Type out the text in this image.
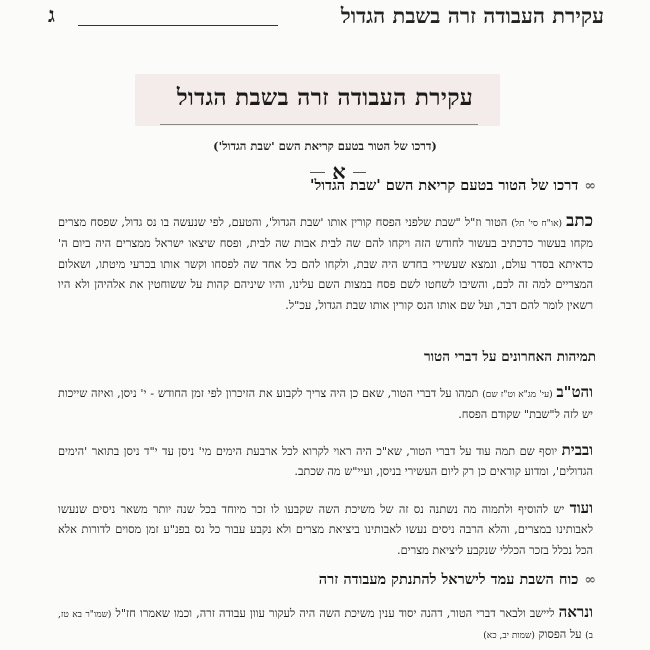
עקירת העבודה זרה בשבת הגדול
ג
עקירת העבודה זרה בשבת הגדול
(דרכו של הטור בטעם קריאת השם 'שבת הגדול')
א
∞
דרכו של הטור בטעם קריאת השם 'שבת הגדול'
כתב (או"ח סי' תל) הטור וז"ל "שבת שלפני הפסח קורין אותו 'שבת הגדול', והטעם, לפי שנעשה בו נס גדול, שפסח מצרים מקחו בעשור כדכתיב בעשור לחודש הזה ויקחו להם שה לבית אבות שה לבית, ופסח שיצאו ישראל ממצרים היה ביום ה' כדאיתא בסדר עולם, ונמצא שעשירי בחדש היה שבת, ולקחו להם כל אחד שה לפסחו וקשר אותו בכרעי מיטתו, ושאלום המצריים למה זה לכם, והשיבו לשחטו לשם פסח במצות השם עלינו, והיו שיניהם קהות על ששוחטין את אלהיהן ולא היו רשאין לומר להם דבר, ועל שם אותו הנס קורין אותו שבת הגדול, עכ"ל.
תמיהות האחרונים על דברי הטור
והט"ב (עי' מג"א וט"ז שם) תמהו על דברי הטור, שאם כן היה צריך לקבוע את הזיכרון לפי זמן החודש - י' ניסן, ואיזה שייכות יש לזה ל"שבת" שקודם הפסח.
ובבית יוסף שם תמה עוד על דברי הטור, שא"כ היה ראוי לקרוא לכל ארבעת הימים מי' ניסן עד י"ד ניסן בתואר 'הימים הגדולים', ומדוע קוראים כן רק ליום העשירי בניסן, ועיי"ש מה שכתב.
ועוד יש להוסיף ולתמוה מה נשתנה נס זה של משיכת השה שקבעו לו זכר מיוחד בכל שנה יותר משאר ניסים שנעשו לאבותינו במצרים, והלא הרבה ניסים נעשו לאבותינו ביציאת מצרים ולא נקבע עבור כל נס בפנ"ע זמן מסוים לדורות אלא הכל נכלל בזכר הכללי שנקבע ליציאת מצרים.
∞
כוח השבת עמד לישראל להתנתק מעבודה זרה
ונראה ליישב ולבאר דברי הטור, דהנה יסוד ענין משיכת השה היה לעקור עוון עבודה זרה, וכמו שאמרו חז"ל (שמו"ר בא טז, ב) על הפסוק (שמות יב, כא)
